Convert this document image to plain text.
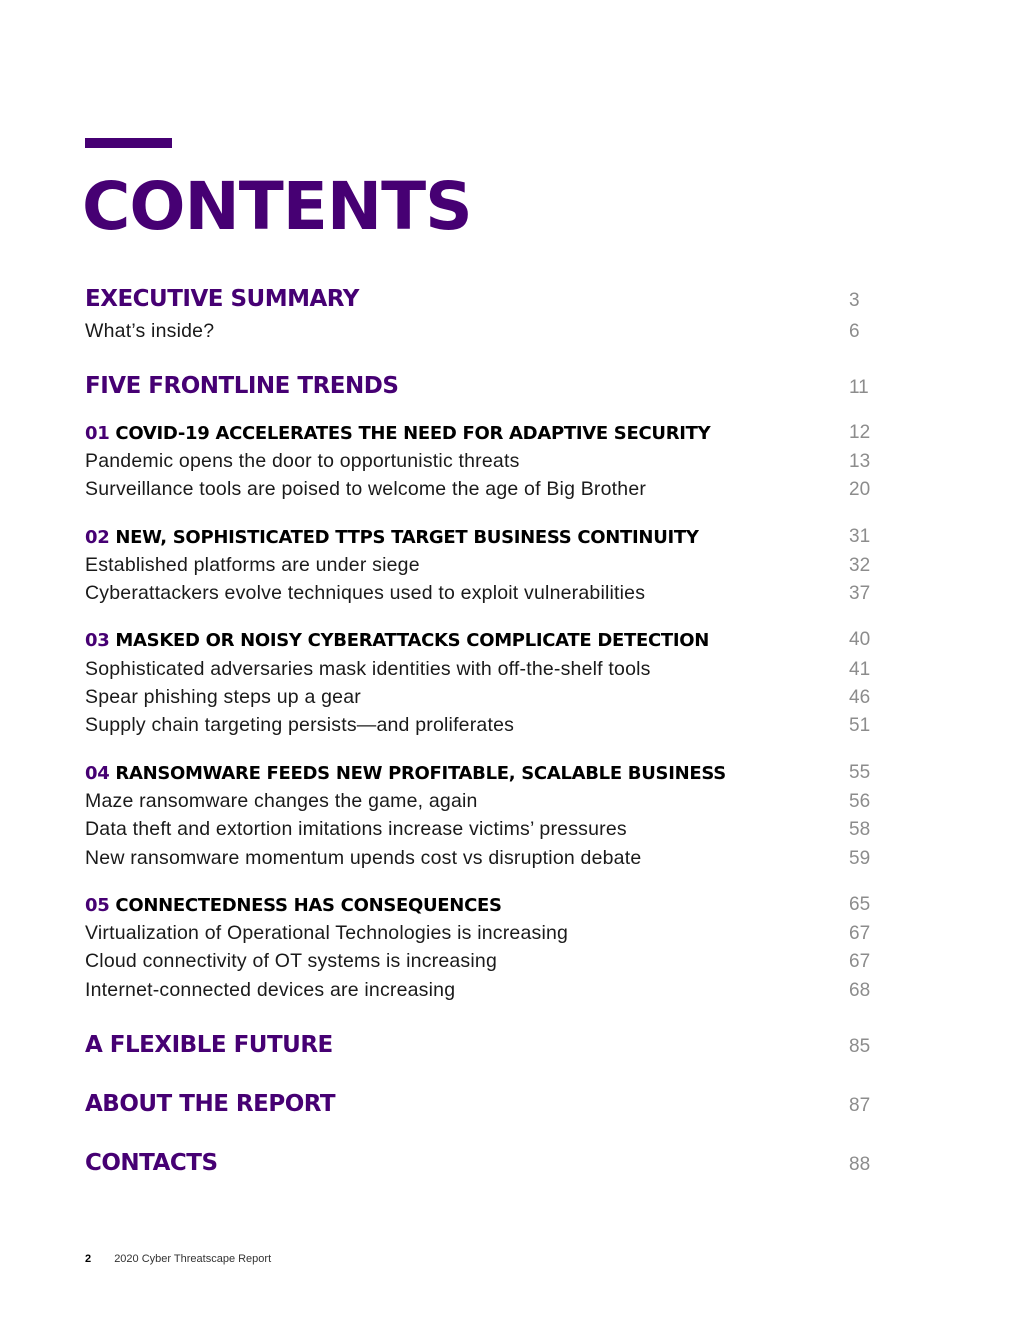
CONTENTS
EXECUTIVE SUMMARY	3
What’s inside?	6
FIVE FRONTLINE TRENDS	11
01 COVID-19 ACCELERATES THE NEED FOR ADAPTIVE SECURITY	12
Pandemic opens the door to opportunistic threats	13
Surveillance tools are poised to welcome the age of Big Brother	20
02 NEW, SOPHISTICATED TTPS TARGET BUSINESS CONTINUITY	31
Established platforms are under siege	32
Cyberattackers evolve techniques used to exploit vulnerabilities	37
03 MASKED OR NOISY CYBERATTACKS COMPLICATE DETECTION	40
Sophisticated adversaries mask identities with off-the-shelf tools	41
Spear phishing steps up a gear	46
Supply chain targeting persists—and proliferates	51
04 RANSOMWARE FEEDS NEW PROFITABLE, SCALABLE BUSINESS	55
Maze ransomware changes the game, again	56
Data theft and extortion imitations increase victims’ pressures	58
New ransomware momentum upends cost vs disruption debate	59
05 CONNECTEDNESS HAS CONSEQUENCES	65
Virtualization of Operational Technologies is increasing	67
Cloud connectivity of OT systems is increasing	67
Internet-connected devices are increasing	68
A FLEXIBLE FUTURE	85
ABOUT THE REPORT	87
CONTACTS	88
2 2020 Cyber Threatscape Report
